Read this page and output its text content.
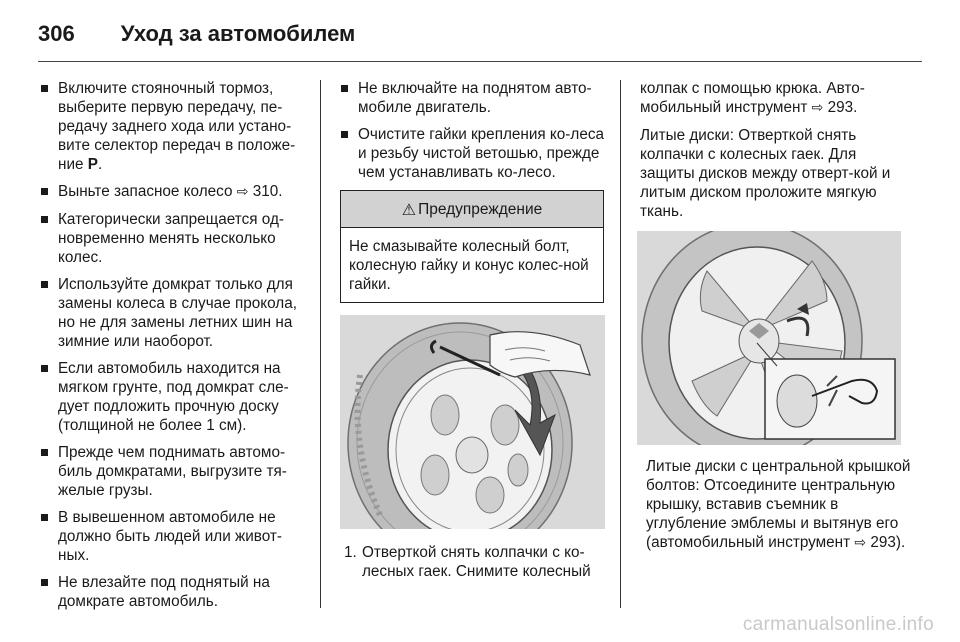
306 Уход за автомобилем
Включите стояночный тормоз, выберите первую передачу, пе-редачу заднего хода или устано-вите селектор передач в положе-ние P.
Выньте запасное колесо ⇨ 310.
Категорически запрещается од-новременно менять несколько колес.
Используйте домкрат только для замены колеса в случае прокола, но не для замены летних шин на зимние или наоборот.
Если автомобиль находится на мягком грунте, под домкрат сле-дует подложить прочную доску (толщиной не более 1 см).
Прежде чем поднимать автомо-биль домкратами, выгрузите тя-желые грузы.
В вывешенном автомобиле не должно быть людей или живот-ных.
Не влезайте под поднятый на домкрате автомобиль.
Не включайте на поднятом авто-мобиле двигатель.
Очистите гайки крепления ко-леса и резьбу чистой ветошью, прежде чем устанавливать ко-лесо.
⚠ Предупреждение
Не смазывайте колесный болт, колесную гайку и конус колес-ной гайки.
1. Отверткой снять колпачки с ко-лесных гаек. Снимите колесный

колпак с помощью крюка. Авто-мобильный инструмент ⇨ 293.

Литые диски: Отверткой снять колпачки с колесных гаек. Для защиты дисков между отверт-кой и литым диском проложите мягкую ткань.

Литые диски с центральной крышкой болтов: Отсоедините центральную крышку, вставив съемник в углубление эмблемы и вытянув его (автомобильный инструмент ⇨ 293).

carmanualsonline.info
